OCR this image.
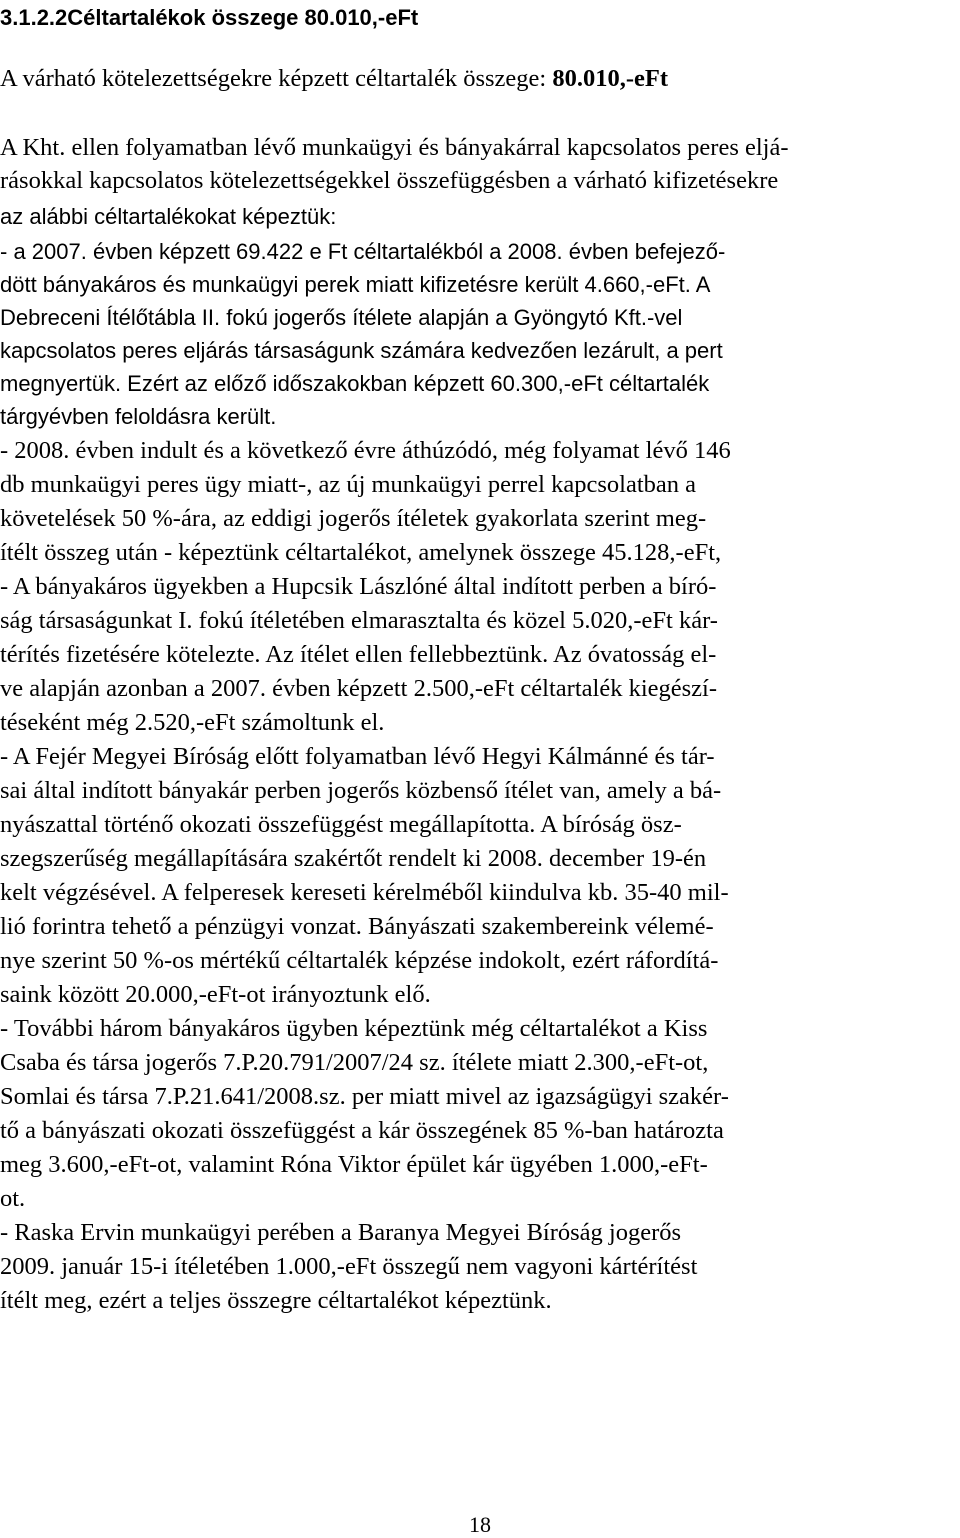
3.1.2.2Céltartalékok összege 80.010,-eFt
A várható kötelezettségekre képzett céltartalék összege: 80.010,-eFt
A Kht. ellen folyamatban lévő munkaügyi és bányakárral kapcsolatos peres eljá-
rásokkal kapcsolatos kötelezettségekkel összefüggésben a várható kifizetésekre
az alábbi céltartalékokat képeztük:
- a 2007. évben képzett 69.422 e Ft céltartalékból a 2008. évben befejező-
dött bányakáros és munkaügyi perek miatt kifizetésre került 4.660,-eFt. A
Debreceni Ítélőtábla II. fokú jogerős ítélete alapján a Gyöngytó Kft.-vel
kapcsolatos peres eljárás társaságunk számára kedvezően lezárult, a pert
megnyertük. Ezért az előző időszakokban képzett 60.300,-eFt céltartalék
tárgyévben feloldásra került.
- 2008. évben indult és a következő évre áthúzódó, még folyamat lévő 146
db munkaügyi peres ügy miatt-, az új munkaügyi perrel kapcsolatban a
követelések 50 %-ára, az eddigi jogerős ítéletek gyakorlata szerint meg-
ítélt összeg után - képeztünk céltartalékot, amelynek összege 45.128,-eFt,
- A bányakáros ügyekben a Hupcsik Lászlóné által indított perben a bíró-
ság társaságunkat I. fokú ítéletében elmarasztalta és közel 5.020,-eFt kár-
térítés fizetésére kötelezte. Az ítélet ellen fellebbeztünk. Az óvatosság el-
ve alapján azonban a 2007. évben képzett 2.500,-eFt céltartalék kiegészí-
téseként még 2.520,-eFt számoltunk el.
- A Fejér Megyei Bíróság előtt folyamatban lévő Hegyi Kálmánné és tár-
sai által indított bányakár perben jogerős közbenső ítélet van, amely a bá-
nyászattal történő okozati összefüggést megállapította. A bíróság ösz-
szegszerűség megállapítására szakértőt rendelt ki 2008. december 19-én
kelt végzésével. A felperesek kereseti kérelméből kiindulva kb. 35-40 mil-
lió forintra tehető a pénzügyi vonzat. Bányászati szakembereink vélemé-
nye szerint 50 %-os mértékű céltartalék képzése indokolt, ezért ráfordítá-
saink között 20.000,-eFt-ot irányoztunk elő.
- További három bányakáros ügyben képeztünk még céltartalékot a Kiss
Csaba és társa jogerős 7.P.20.791/2007/24 sz. ítélete miatt 2.300,-eFt-ot,
Somlai és társa 7.P.21.641/2008.sz. per miatt mivel az igazságügyi szakér-
tő a bányászati okozati összefüggést a kár összegének 85 %-ban határozta
meg 3.600,-eFt-ot, valamint Róna Viktor épület kár ügyében 1.000,-eFt-
ot.
- Raska Ervin munkaügyi perében a Baranya Megyei Bíróság jogerős
2009. január 15-i ítéletében 1.000,-eFt összegű nem vagyoni kártérítést
ítélt meg, ezért a teljes összegre céltartalékot képeztünk.
18
